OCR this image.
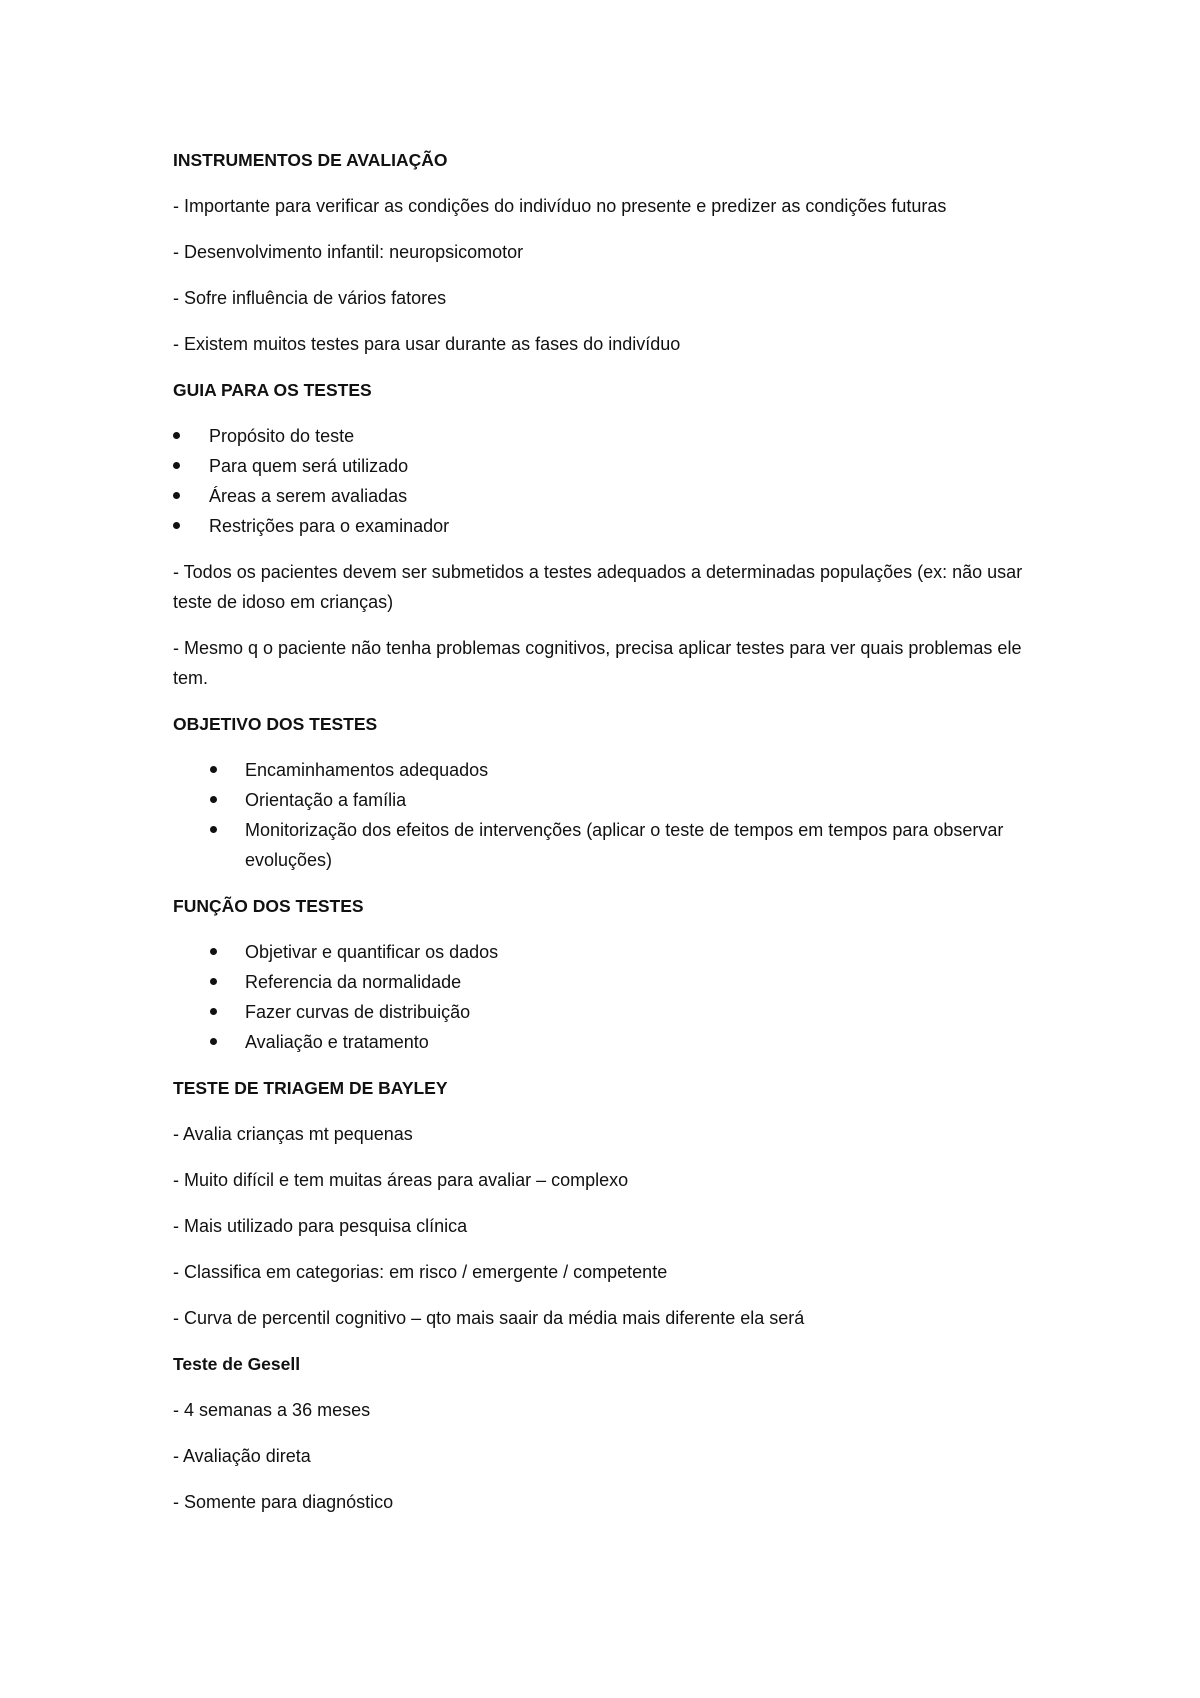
INSTRUMENTOS DE AVALIAÇÃO
- Importante para verificar as condições do indivíduo no presente e predizer as condições futuras
- Desenvolvimento infantil: neuropsicomotor
- Sofre influência de vários fatores
- Existem muitos testes para usar durante as fases do indivíduo
GUIA PARA OS TESTES
Propósito do teste
Para quem será utilizado
Áreas a serem avaliadas
Restrições para o examinador
- Todos os pacientes devem ser submetidos a testes adequados a determinadas populações (ex: não usar teste de idoso em crianças)
- Mesmo q o paciente não tenha problemas cognitivos, precisa aplicar testes para ver quais problemas ele tem.
OBJETIVO DOS TESTES
Encaminhamentos adequados
Orientação a família
Monitorização dos efeitos de intervenções (aplicar o teste de tempos em tempos para observar evoluções)
FUNÇÃO DOS TESTES
Objetivar e quantificar os dados
Referencia da normalidade
Fazer curvas de distribuição
Avaliação e tratamento
TESTE DE TRIAGEM DE BAYLEY
- Avalia crianças mt pequenas
- Muito difícil e tem muitas áreas para avaliar – complexo
- Mais utilizado para pesquisa clínica
- Classifica em categorias: em risco / emergente / competente
- Curva de percentil cognitivo – qto mais saair da média mais diferente ela será
Teste de Gesell
- 4 semanas a 36 meses
- Avaliação direta
- Somente para diagnóstico
